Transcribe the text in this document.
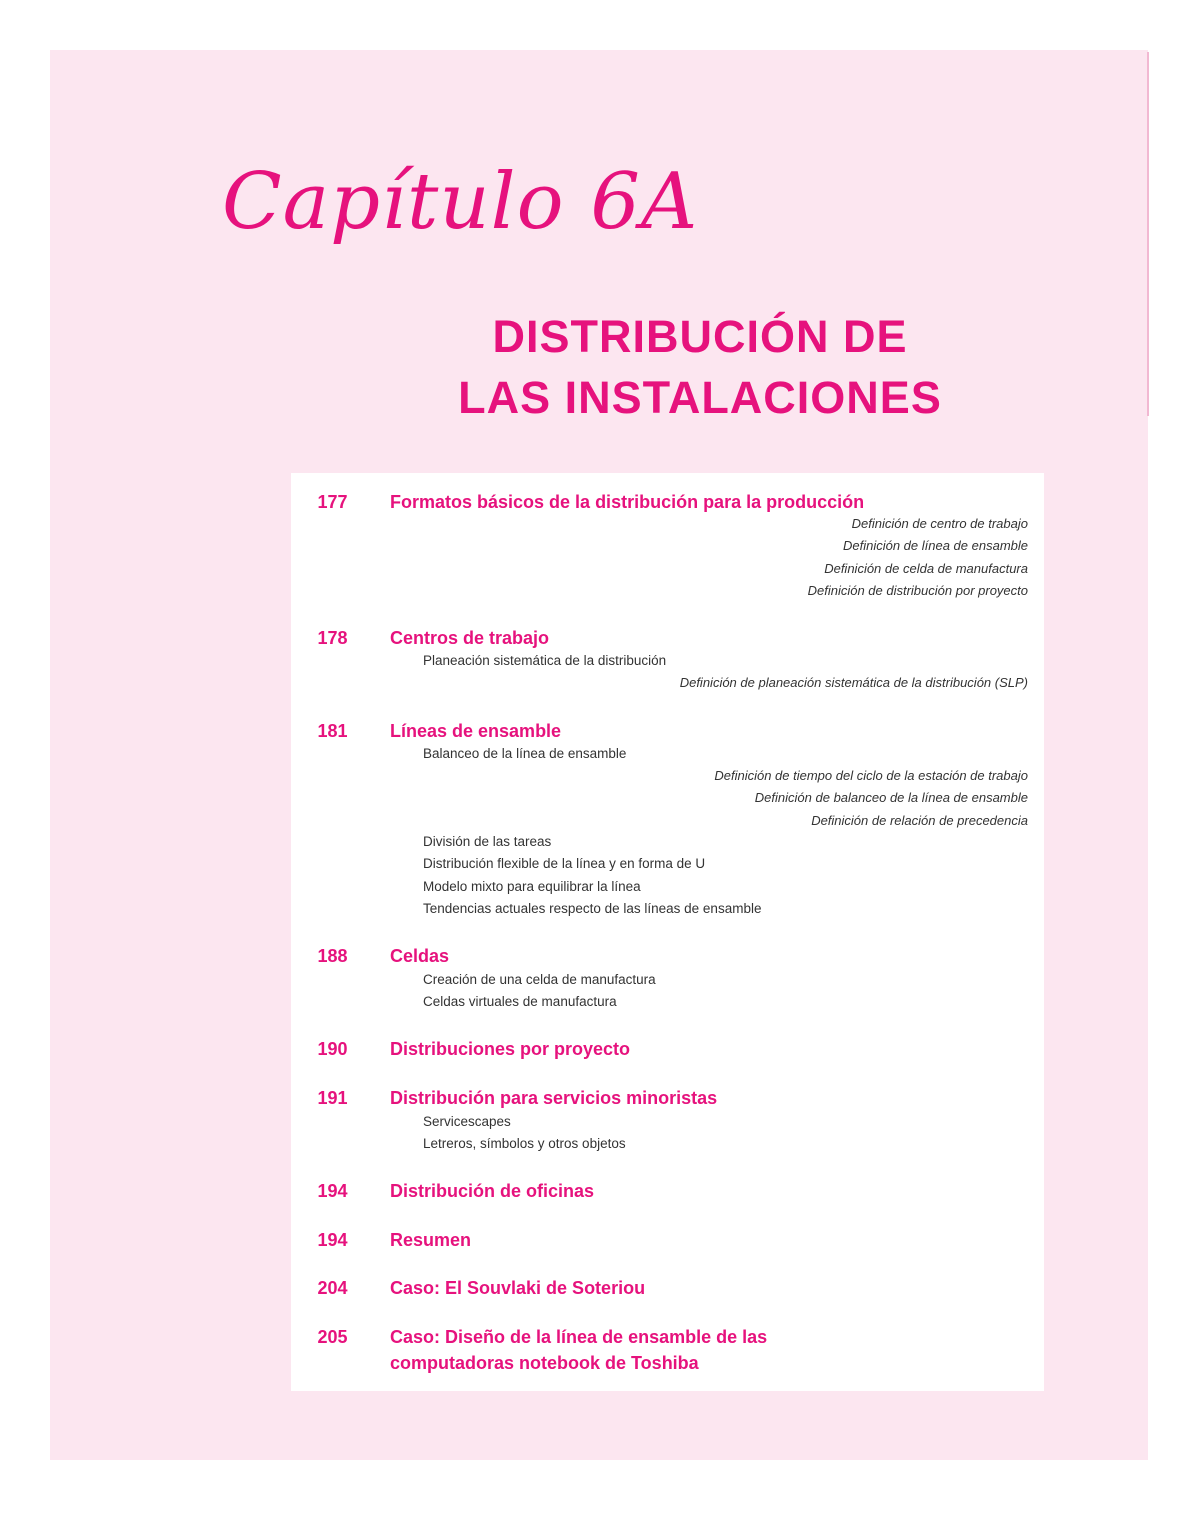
Capítulo 6A
DISTRIBUCIÓN DE
LAS INSTALACIONES
177	Formatos básicos de la distribución para la producción
Definición de centro de trabajo
Definición de línea de ensamble
Definición de celda de manufactura
Definición de distribución por proyecto
178	Centros de trabajo
Planeación sistemática de la distribución
Definición de planeación sistemática de la distribución (SLP)
181	Líneas de ensamble
Balanceo de la línea de ensamble
Definición de tiempo del ciclo de la estación de trabajo
Definición de balanceo de la línea de ensamble
Definición de relación de precedencia
División de las tareas
Distribución flexible de la línea y en forma de U
Modelo mixto para equilibrar la línea
Tendencias actuales respecto de las líneas de ensamble
188	Celdas
Creación de una celda de manufactura
Celdas virtuales de manufactura
190	Distribuciones por proyecto
191	Distribución para servicios minoristas
Servicescapes
Letreros, símbolos y otros objetos
194	Distribución de oficinas
194	Resumen
204	Caso: El Souvlaki de Soteriou
205	Caso: Diseño de la línea de ensamble de las
computadoras notebook de Toshiba
